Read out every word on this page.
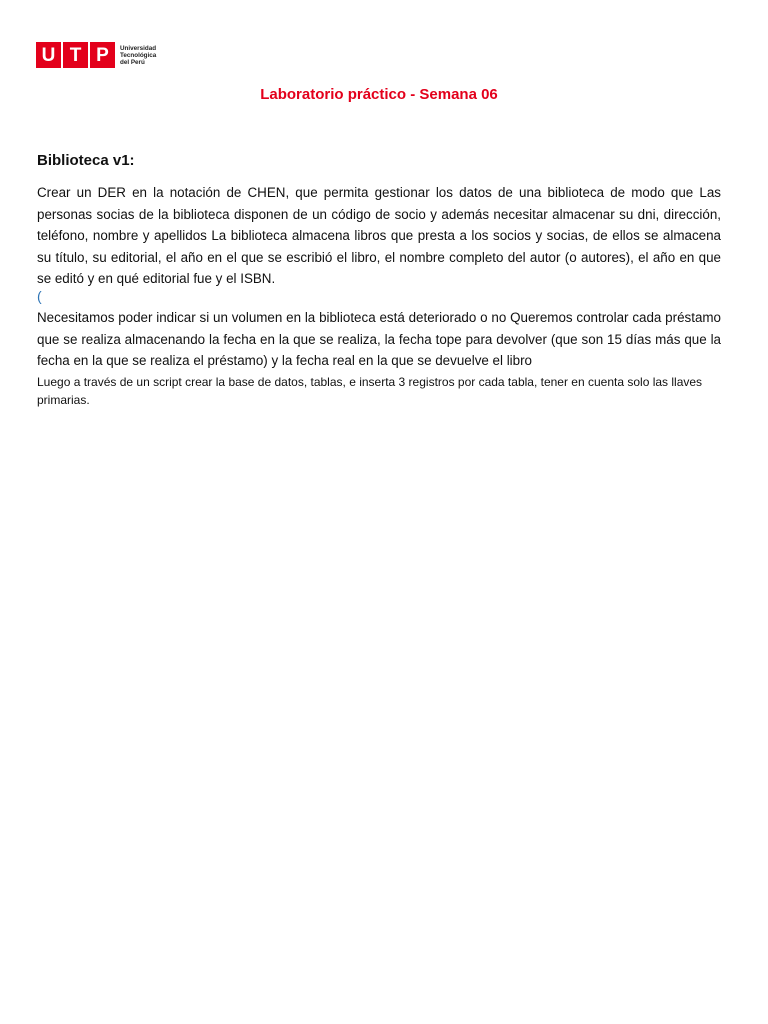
U T P	Universidad
Tecnológica
del Perú
Laboratorio práctico - Semana 06
Biblioteca v1:
Crear un DER en la notación de CHEN, que permita gestionar los datos de una biblioteca de modo que Las personas socias de la biblioteca disponen de un código de socio y además necesitar almacenar su dni, dirección, teléfono, nombre y apellidos La biblioteca almacena libros que presta a los socios y socias, de ellos se almacena su título, su editorial, el año en el que se escribió el libro, el nombre completo del autor (o autores), el año en que se editó y en qué editorial fue y el ISBN.
(
Necesitamos poder indicar si un volumen en la biblioteca está deteriorado o no Queremos controlar cada préstamo que se realiza almacenando la fecha en la que se realiza, la fecha tope para devolver (que son 15 días más que la fecha en la que se realiza el préstamo) y la fecha real en la que se devuelve el libro
Luego a través de un script crear la base de datos, tablas, e inserta 3 registros por cada tabla, tener en cuenta solo las llaves primarias.
